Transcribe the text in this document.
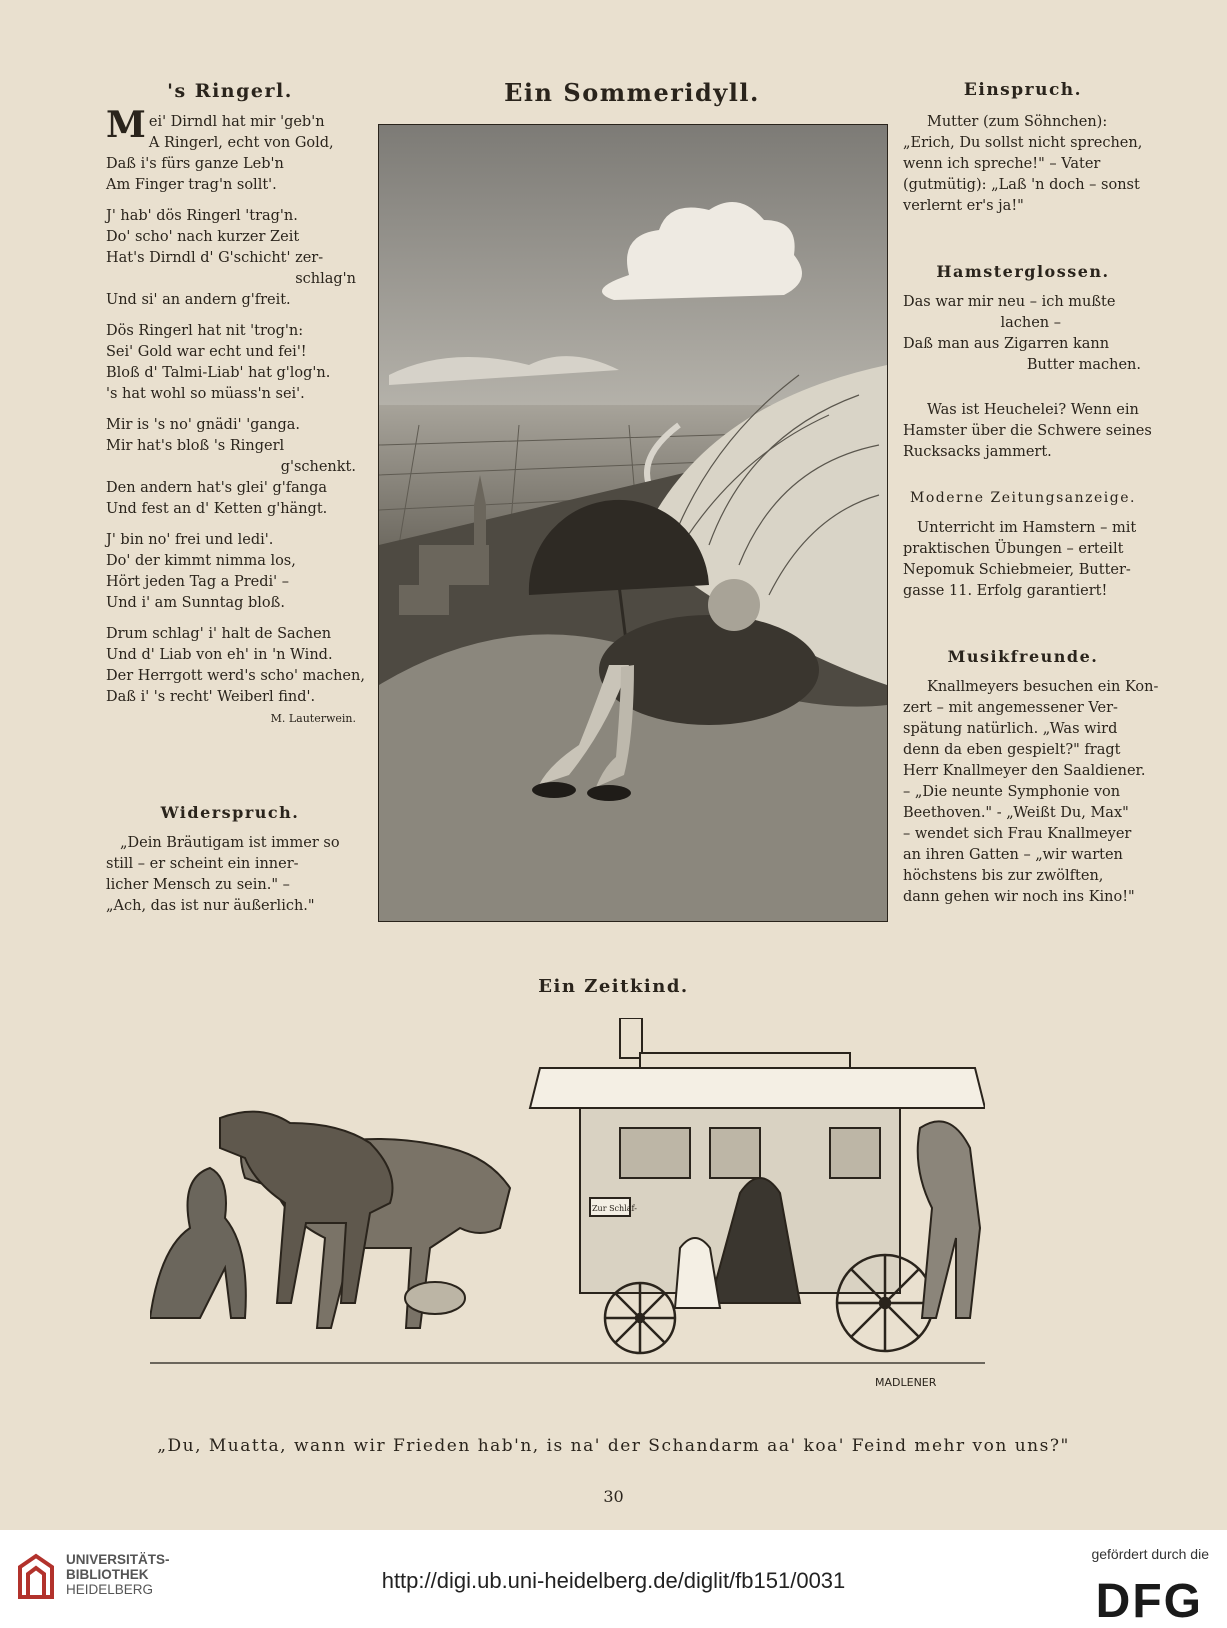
's Ringerl.

Mei' Dirndl hat mir 'geb'n

A Ringerl, echt von Gold,

Daß i's fürs ganze Leb'n

Am Finger trag'n sollt'.

J' hab' dös Ringerl 'trag'n.

Do' scho' nach kurzer Zeit

Hat's Dirndl d' G'schicht' zer-

schlag'n

Und si' an andern g'freit.

Dös Ringerl hat nit 'trog'n:

Sei' Gold war echt und fei'!

Bloß d' Talmi-Liab' hat g'log'n.

's hat wohl so müass'n sei'.

Mir is 's no' gnädi' 'ganga.

Mir hat's bloß 's Ringerl

g'schenkt.

Den andern hat's glei' g'fanga

Und fest an d' Ketten g'hängt.

J' bin no' frei und ledi'.

Do' der kimmt nimma los,

Hört jeden Tag a Predi' –

Und i' am Sunntag bloß.

Drum schlag' i' halt de Sachen

Und d' Liab von eh' in 'n Wind.

Der Herrgott werd's scho' machen,

Daß i' 's recht' Weiberl find'.

M. Lauterwein.

Widerspruch.

„Dein Bräutigam ist immer so

still – er scheint ein inner-

licher Mensch zu sein." –

„Ach, das ist nur äußerlich."

Ein Sommeridyll.	Einspruch.

Mutter (zum Söhnchen):

„Erich, Du sollst nicht sprechen,

wenn ich spreche!" – Vater

(gutmütig): „Laß 'n doch – sonst

verlernt er's ja!"

Hamsterglossen.

Das war mir neu – ich mußte

lachen –

Daß man aus Zigarren kann

Butter machen.

Was ist Heuchelei? Wenn ein

Hamster über die Schwere seines

Rucksacks jammert.

Moderne Zeitungsanzeige.

Unterricht im Hamstern – mit

praktischen Übungen – erteilt

Nepomuk Schiebmeier, Butter-

gasse 11. Erfolg garantiert!

Musikfreunde.

Knallmeyers besuchen ein Kon-

zert – mit angemessener Ver-

spätung natürlich. „Was wird

denn da eben gespielt?" fragt

Herr Knallmeyer den Saaldiener.

– „Die neunte Symphonie von

Beethoven." - „Weißt Du, Max"

– wendet sich Frau Knallmeyer

an ihren Gatten – „wir warten

höchstens bis zur zwölften,

dann gehen wir noch ins Kino!"

Ein Zeitkind.
Zur Schlaf-
MADLENER
„Du, Muatta, wann wir Frieden hab'n, is na' der Schandarm aa' koa' Feind mehr von uns?"
30
UNIVERSITÄTS-
BIBLIOTHEK
HEIDELBERG	http://digi.ub.uni-heidelberg.de/diglit/fb151/0031
gefördert durch die
DFG
